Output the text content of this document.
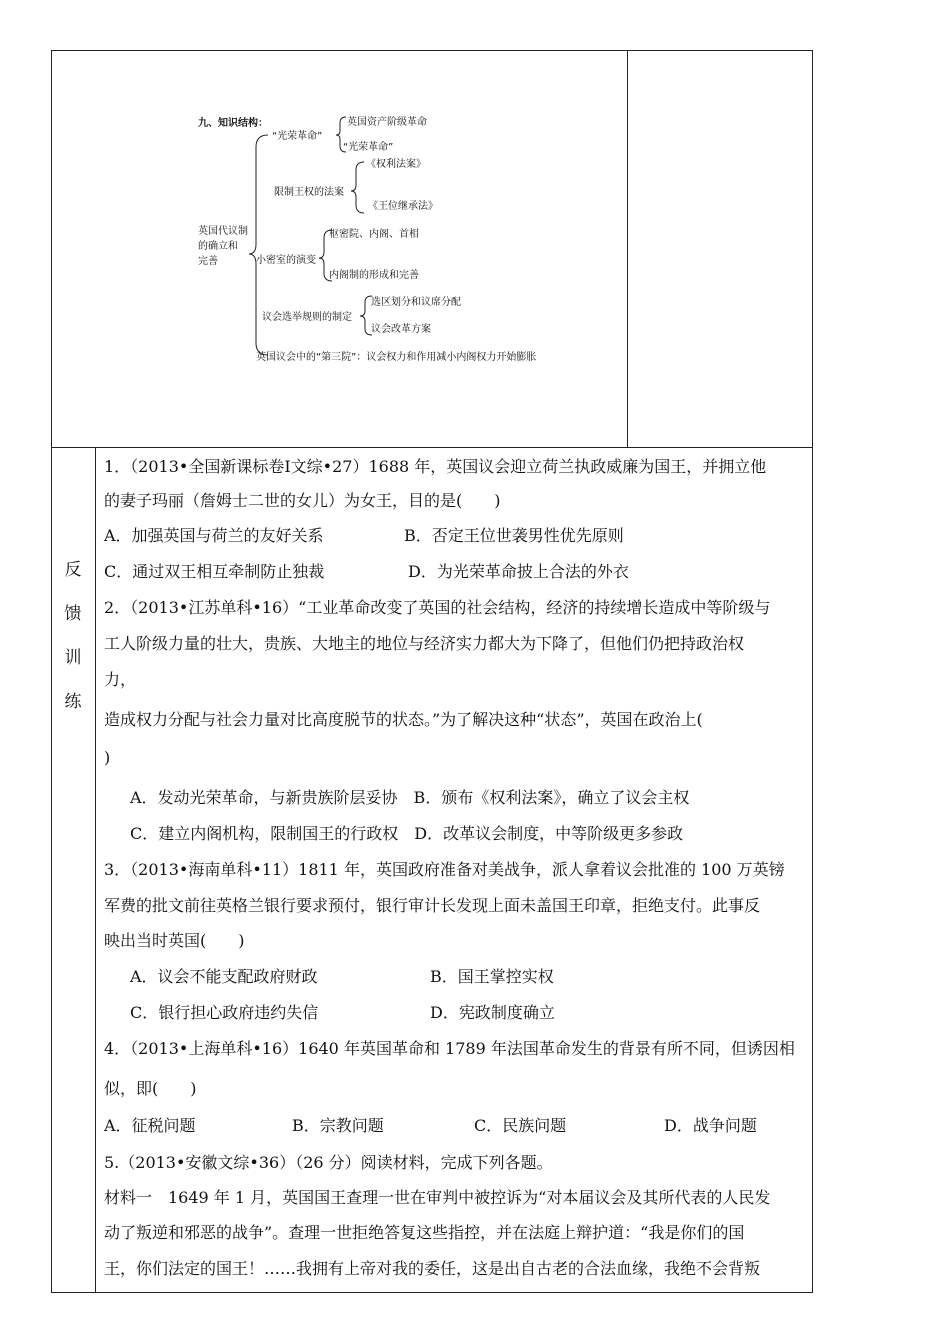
九、知识结构：
英国代议制
的确立和
完善
“光荣革命”
英国资产阶级革命
“光荣革命”
限制王权的法案
《权利法案》
《王位继承法》
小密室的演变
枢密院、内阁、首相
内阁制的形成和完善
议会选举规则的制定
选区划分和议席分配
议会改革方案
英国议会中的“第三院”：议会权力和作用减小内阁权力开始膨胀
反
馈
训
练
1．（2013•全国新课标卷Ⅰ文综•27）1688 年，英国议会迎立荷兰执政威廉为国王，并拥立他
的妻子玛丽（詹姆士二世的女儿）为女王，目的是(　　)
A．加强英国与荷兰的友好关系	B．否定王位世袭男性优先原则
C．通过双王相互牵制防止独裁	D．为光荣革命披上合法的外衣
2．（2013•江苏单科•16）“工业革命改变了英国的社会结构，经济的持续增长造成中等阶级与
工人阶级力量的壮大，贵族、大地主的地位与经济实力都大为下降了，但他们仍把持政治权
力，
造成权力分配与社会力量对比高度脱节的状态。”为了解决这种“状态”，英国在政治上(
)
A．发动光荣革命，与新贵族阶层妥协　B．颁布《权利法案》，确立了议会主权
C．建立内阁机构，限制国王的行政权　D．改革议会制度，中等阶级更多参政
3．（2013•海南单科•11）1811 年，英国政府准备对美战争，派人拿着议会批准的 100 万英镑
军费的批文前往英格兰银行要求预付，银行审计长发现上面未盖国王印章，拒绝支付。此事反
映出当时英国(　　)
A．议会不能支配政府财政	B．国王掌控实权
C．银行担心政府违约失信	D．宪政制度确立
4．（2013•上海单科•16）1640 年英国革命和 1789 年法国革命发生的背景有所不同，但诱因相
似，即(　　)
A．征税问题	B．宗教问题	C．民族问题	D．战争问题
5.（2013•安徽文综•36）（26 分）阅读材料，完成下列各题。
材料一　1649 年 1 月，英国国王查理一世在审判中被控诉为“对本届议会及其所代表的人民发
动了叛逆和邪恶的战争”。查理一世拒绝答复这些指控，并在法庭上辩护道：“我是你们的国
王，你们法定的国王！……我拥有上帝对我的委任，这是出自古老的合法血缘，我绝不会背叛
